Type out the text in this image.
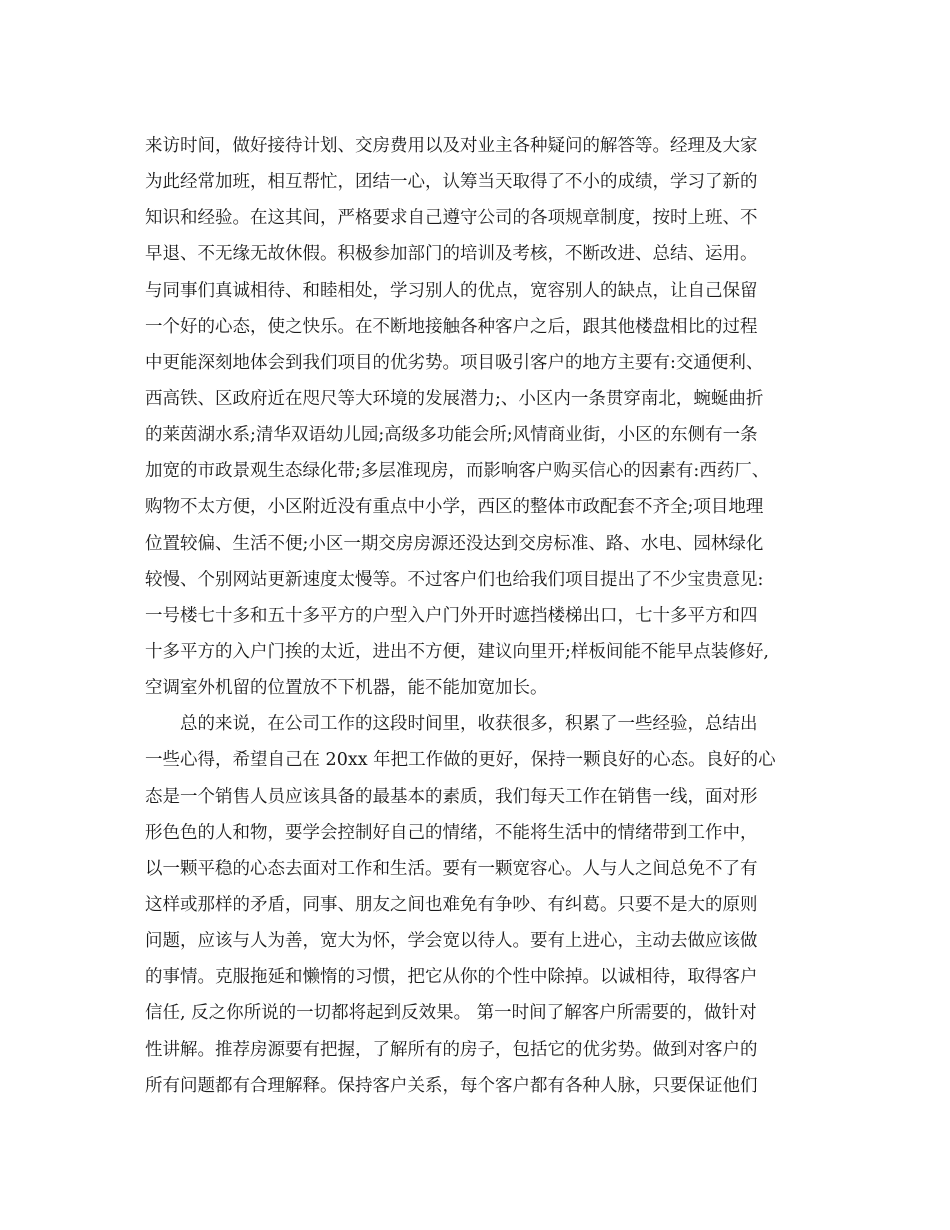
来访时间，做好接待计划、交房费用以及对业主各种疑问的解答等。经理及大家
为此经常加班，相互帮忙，团结一心，认筹当天取得了不小的成绩，学习了新的
知识和经验。在这其间，严格要求自己遵守公司的各项规章制度，按时上班、不
早退、不无缘无故休假。积极参加部门的培训及考核，不断改进、总结、运用。
与同事们真诚相待、和睦相处，学习别人的优点，宽容别人的缺点，让自己保留
一个好的心态，使之快乐。在不断地接触各种客户之后，跟其他楼盘相比的过程
中更能深刻地体会到我们项目的优劣势。项目吸引客户的地方主要有:交通便利、
西高铁、区政府近在咫尺等大环境的发展潜力;、小区内一条贯穿南北，蜿蜒曲折
的莱茵湖水系;清华双语幼儿园;高级多功能会所;风情商业街，小区的东侧有一条
加宽的市政景观生态绿化带;多层准现房，而影响客户购买信心的因素有:西药厂、
购物不太方便，小区附近没有重点中小学，西区的整体市政配套不齐全;项目地理
位置较偏、生活不便;小区一期交房房源还没达到交房标准、路、水电、园林绿化
较慢、个别网站更新速度太慢等。不过客户们也给我们项目提出了不少宝贵意见:
一号楼七十多和五十多平方的户型入户门外开时遮挡楼梯出口，七十多平方和四
十多平方的入户门挨的太近，进出不方便，建议向里开;样板间能不能早点装修好,
空调室外机留的位置放不下机器，能不能加宽加长。
　　总的来说，在公司工作的这段时间里，收获很多，积累了一些经验，总结出
一些心得，希望自己在 20xx 年把工作做的更好，保持一颗良好的心态。良好的心
态是一个销售人员应该具备的最基本的素质，我们每天工作在销售一线，面对形
形色色的人和物，要学会控制好自己的情绪，不能将生活中的情绪带到工作中，
以一颗平稳的心态去面对工作和生活。要有一颗宽容心。人与人之间总免不了有
这样或那样的矛盾，同事、朋友之间也难免有争吵、有纠葛。只要不是大的原则
问题，应该与人为善，宽大为怀，学会宽以待人。要有上进心，主动去做应该做
的事情。克服拖延和懒惰的习惯，把它从你的个性中除掉。以诚相待，取得客户
信任, 反之你所说的一切都将起到反效果。 第一时间了解客户所需要的，做针对
性讲解。推荐房源要有把握，了解所有的房子，包括它的优劣势。做到对客户的
所有问题都有合理解释。保持客户关系，每个客户都有各种人脉，只要保证他们
